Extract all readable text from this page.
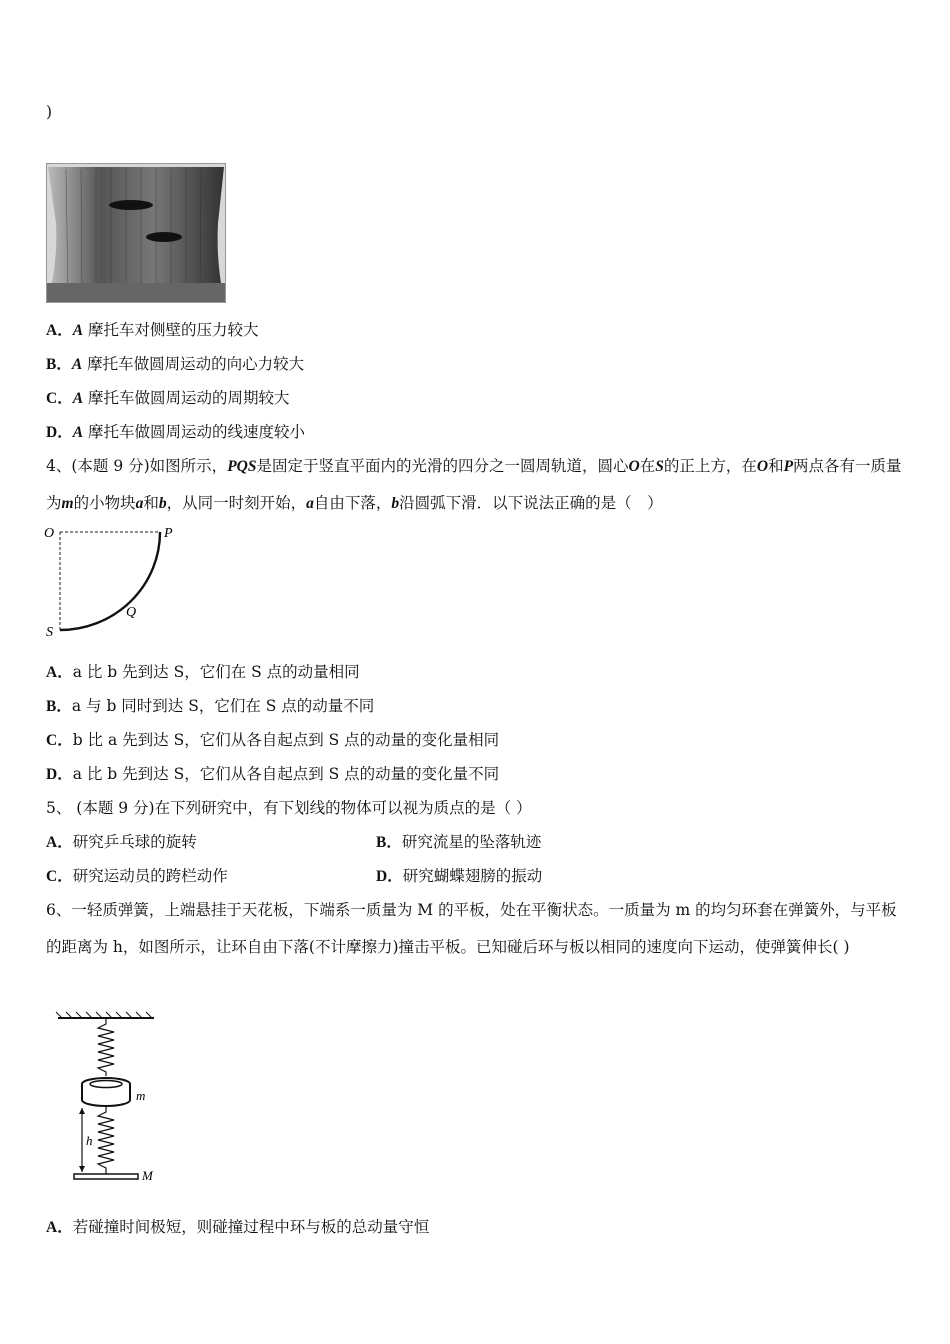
)
A．A 摩托车对侧壁的压力较大
B．A 摩托车做圆周运动的向心力较大
C．A 摩托车做圆周运动的周期较大
D．A 摩托车做圆周运动的线速度较小
4、(本题 9 分)如图所示，PQS是固定于竖直平面内的光滑的四分之一圆周轨道，圆心O在S的正上方，在O和P两点各有一质量为m的小物块a和b，从同一时刻开始，a自由下落，b沿圆弧下滑．以下说法正确的是（　）
O	P
Q
S
A．a 比 b 先到达 S，它们在 S 点的动量相同
B．a 与 b 同时到达 S，它们在 S 点的动量不同
C．b 比 a 先到达 S，它们从各自起点到 S 点的动量的变化量相同
D．a 比 b 先到达 S，它们从各自起点到 S 点的动量的变化量不同
5、 (本题 9 分)在下列研究中，有下划线的物体可以视为质点的是（ ）
A．研究乒乓球的旋转	B．研究流星的坠落轨迹
C．研究运动员的跨栏动作	D．研究蝴蝶翅膀的振动
6、一轻质弹簧，上端悬挂于天花板，下端系一质量为 M 的平板，处在平衡状态。一质量为 m 的均匀环套在弹簧外，与平板的距离为 h，如图所示，让环自由下落(不计摩擦力)撞击平板。已知碰后环与板以相同的速度向下运动，使弹簧伸长( )
m
h
M
A．若碰撞时间极短，则碰撞过程中环与板的总动量守恒
